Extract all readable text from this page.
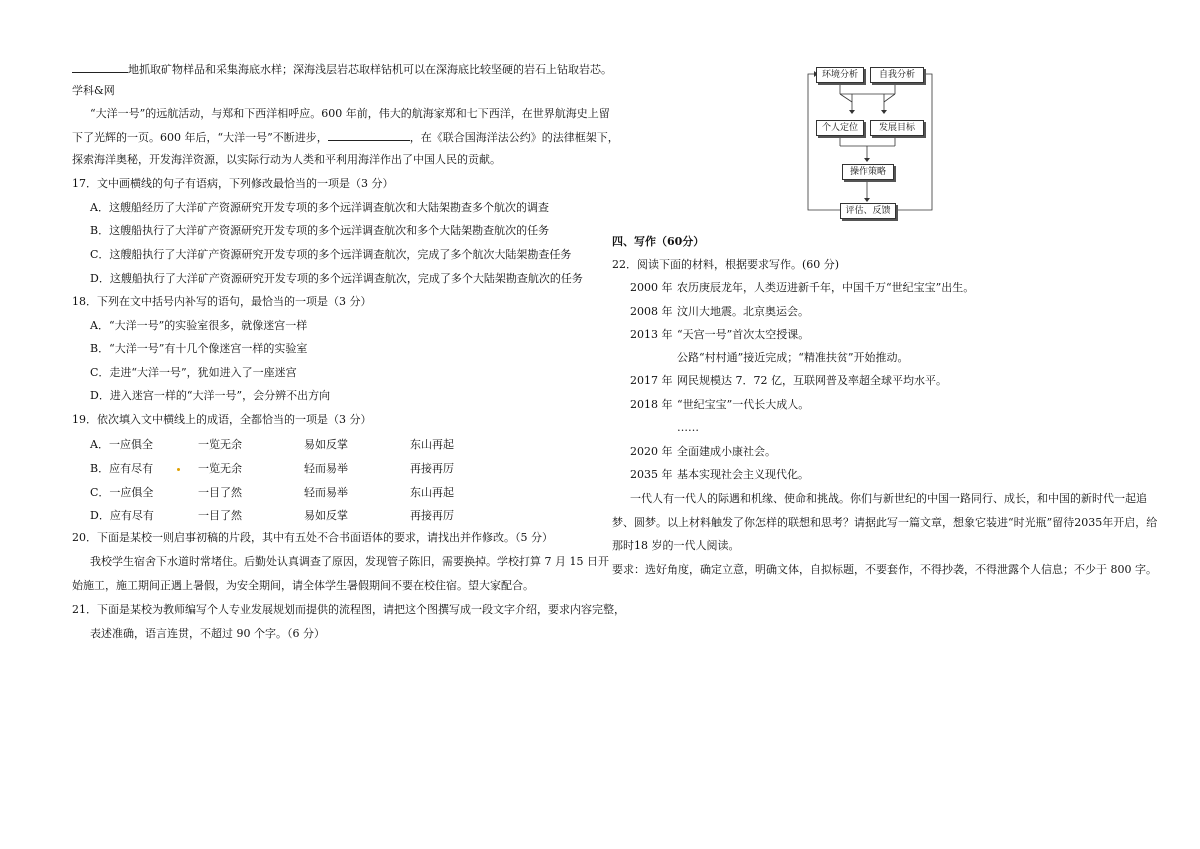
地抓取矿物样品和采集海底水样；深海浅层岩芯取样钻机可以在深海底比较坚硬的岩石上钻取岩芯。
学科&网
“大洋一号”的远航活动，与郑和下西洋相呼应。600 年前，伟大的航海家郑和七下西洋，在世界航海史上留
下了光辉的一页。600 年后，“大洋一号”不断进步，	，在《联合国海洋法公约》的法律框架下，
探索海洋奥秘，开发海洋资源，以实际行动为人类和平利用海洋作出了中国人民的贡献。
17．文中画横线的句子有语病，下列修改最恰当的一项是（3 分）
A．这艘船经历了大洋矿产资源研究开发专项的多个远洋调查航次和大陆架勘查多个航次的调查
B．这艘船执行了大洋矿产资源研究开发专项的多个远洋调查航次和多个大陆架勘查航次的任务
C．这艘船执行了大洋矿产资源研究开发专项的多个远洋调查航次，完成了多个航次大陆架勘查任务
D．这艘船执行了大洋矿产资源研究开发专项的多个远洋调查航次，完成了多个大陆架勘查航次的任务
18．下列在文中括号内补写的语句，最恰当的一项是（3 分）
A．“大洋一号”的实验室很多，就像迷宫一样
B．“大洋一号”有十几个像迷宫一样的实验室
C．走进“大洋一号”，犹如进入了一座迷宫
D．进入迷宫一样的“大洋一号”，会分辨不出方向
19．依次填入文中横线上的成语，全都恰当的一项是（3 分）
A．一应俱全	一览无余	易如反掌	东山再起
B．应有尽有	一览无余	轻而易举	再接再厉
C．一应俱全	一目了然	轻而易举	东山再起
D．应有尽有	一目了然	易如反掌	再接再厉
20．下面是某校一则启事初稿的片段，其中有五处不合书面语体的要求，请找出并作修改。（5 分）
我校学生宿舍下水道时常堵住。后勤处认真调查了原因，发现管子陈旧，需要换掉。学校打算 7 月 15 日开
始施工，施工期间正遇上暑假，为安全期间，请全体学生暑假期间不要在校住宿。望大家配合。
21．下面是某校为教师编写个人专业发展规划而提供的流程图，请把这个图撰写成一段文字介绍，要求内容完整，
表述准确，语言连贯，不超过 90 个字。（6 分）
环境分析	自我分析
个人定位	发展目标
操作策略
评估、反馈
四、写作（60分）
22．阅读下面的材料，根据要求写作。(60 分)
2000 年 农历庚辰龙年，人类迈进新千年，中国千万“世纪宝宝”出生。
2008 年 汶川大地震。北京奥运会。
2013 年 “天宫一号”首次太空授课。
公路“村村通”接近完成；“精准扶贫”开始推动。
2017 年 网民规模达 7．72 亿，互联网普及率超全球平均水平。
2018 年 “世纪宝宝”一代长大成人。
……
2020 年 全面建成小康社会。
2035 年 基本实现社会主义现代化。
一代人有一代人的际遇和机缘、使命和挑战。你们与新世纪的中国一路同行、成长，和中国的新时代一起追
梦、圆梦。以上材料触发了你怎样的联想和思考？请据此写一篇文章，想象它装进“时光瓶”留待2035年开启，给
那时18 岁的一代人阅读。
要求：选好角度，确定立意，明确文体，自拟标题，不要套作，不得抄袭，不得泄露个人信息；不少于 800 字。
